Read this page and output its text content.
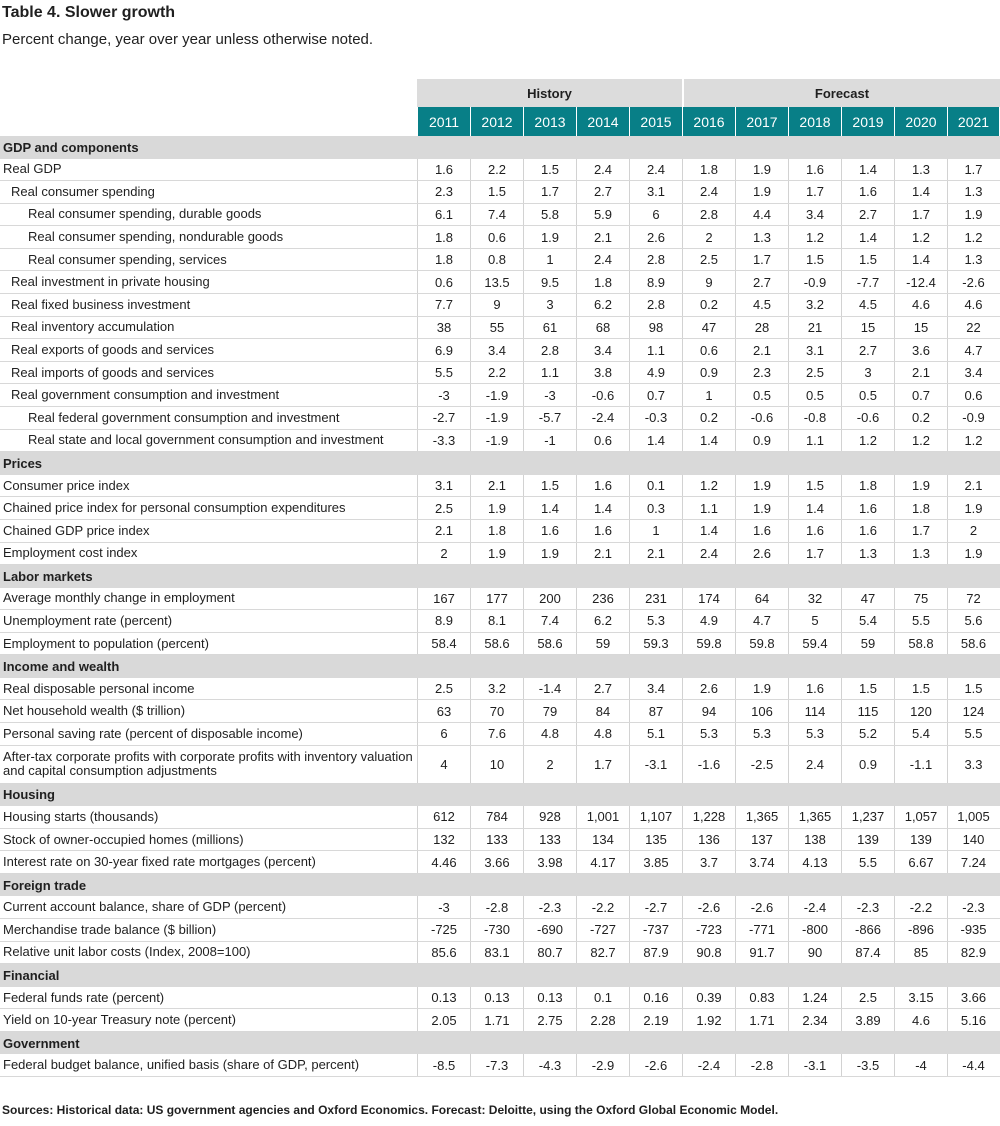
Table 4. Slower growth
Percent change, year over year unless otherwise noted.
History	Forecast
2011	2012	2013	2014	2015	2016	2017	2018	2019	2020	2021
GDP and components
Real GDP	1.6	2.2	1.5	2.4	2.4	1.8	1.9	1.6	1.4	1.3	1.7
Real consumer spending	2.3	1.5	1.7	2.7	3.1	2.4	1.9	1.7	1.6	1.4	1.3
Real consumer spending, durable goods	6.1	7.4	5.8	5.9	6	2.8	4.4	3.4	2.7	1.7	1.9
Real consumer spending, nondurable goods	1.8	0.6	1.9	2.1	2.6	2	1.3	1.2	1.4	1.2	1.2
Real consumer spending, services	1.8	0.8	1	2.4	2.8	2.5	1.7	1.5	1.5	1.4	1.3
Real investment in private housing	0.6	13.5	9.5	1.8	8.9	9	2.7	-0.9	-7.7	-12.4	-2.6
Real fixed business investment	7.7	9	3	6.2	2.8	0.2	4.5	3.2	4.5	4.6	4.6
Real inventory accumulation	38	55	61	68	98	47	28	21	15	15	22
Real exports of goods and services	6.9	3.4	2.8	3.4	1.1	0.6	2.1	3.1	2.7	3.6	4.7
Real imports of goods and services	5.5	2.2	1.1	3.8	4.9	0.9	2.3	2.5	3	2.1	3.4
Real government consumption and investment	-3	-1.9	-3	-0.6	0.7	1	0.5	0.5	0.5	0.7	0.6
Real federal government consumption and investment	-2.7	-1.9	-5.7	-2.4	-0.3	0.2	-0.6	-0.8	-0.6	0.2	-0.9
Real state and local government consumption and investment	-3.3	-1.9	-1	0.6	1.4	1.4	0.9	1.1	1.2	1.2	1.2
Prices
Consumer price index	3.1	2.1	1.5	1.6	0.1	1.2	1.9	1.5	1.8	1.9	2.1
Chained price index for personal consumption expenditures	2.5	1.9	1.4	1.4	0.3	1.1	1.9	1.4	1.6	1.8	1.9
Chained GDP price index	2.1	1.8	1.6	1.6	1	1.4	1.6	1.6	1.6	1.7	2
Employment cost index	2	1.9	1.9	2.1	2.1	2.4	2.6	1.7	1.3	1.3	1.9
Labor markets
Average monthly change in employment	167	177	200	236	231	174	64	32	47	75	72
Unemployment rate (percent)	8.9	8.1	7.4	6.2	5.3	4.9	4.7	5	5.4	5.5	5.6
Employment to population (percent)	58.4	58.6	58.6	59	59.3	59.8	59.8	59.4	59	58.8	58.6
Income and wealth
Real disposable personal income	2.5	3.2	-1.4	2.7	3.4	2.6	1.9	1.6	1.5	1.5	1.5
Net household wealth ($ trillion)	63	70	79	84	87	94	106	114	115	120	124
Personal saving rate (percent of disposable income)	6	7.6	4.8	4.8	5.1	5.3	5.3	5.3	5.2	5.4	5.5
After-tax corporate profits with corporate profits with inventory valuation and capital consumption adjustments	4	10	2	1.7	-3.1	-1.6	-2.5	2.4	0.9	-1.1	3.3
Housing
Housing starts (thousands)	612	784	928	1,001	1,107	1,228	1,365	1,365	1,237	1,057	1,005
Stock of owner-occupied homes (millions)	132	133	133	134	135	136	137	138	139	139	140
Interest rate on 30-year fixed rate mortgages (percent)	4.46	3.66	3.98	4.17	3.85	3.7	3.74	4.13	5.5	6.67	7.24
Foreign trade
Current account balance, share of GDP (percent)	-3	-2.8	-2.3	-2.2	-2.7	-2.6	-2.6	-2.4	-2.3	-2.2	-2.3
Merchandise trade balance ($ billion)	-725	-730	-690	-727	-737	-723	-771	-800	-866	-896	-935
Relative unit labor costs (Index, 2008=100)	85.6	83.1	80.7	82.7	87.9	90.8	91.7	90	87.4	85	82.9
Financial
Federal funds rate (percent)	0.13	0.13	0.13	0.1	0.16	0.39	0.83	1.24	2.5	3.15	3.66
Yield on 10-year Treasury note (percent)	2.05	1.71	2.75	2.28	2.19	1.92	1.71	2.34	3.89	4.6	5.16
Government
Federal budget balance, unified basis (share of GDP, percent)	-8.5	-7.3	-4.3	-2.9	-2.6	-2.4	-2.8	-3.1	-3.5	-4	-4.4
Sources: Historical data: US government agencies and Oxford Economics. Forecast: Deloitte, using the Oxford Global Economic Model.
